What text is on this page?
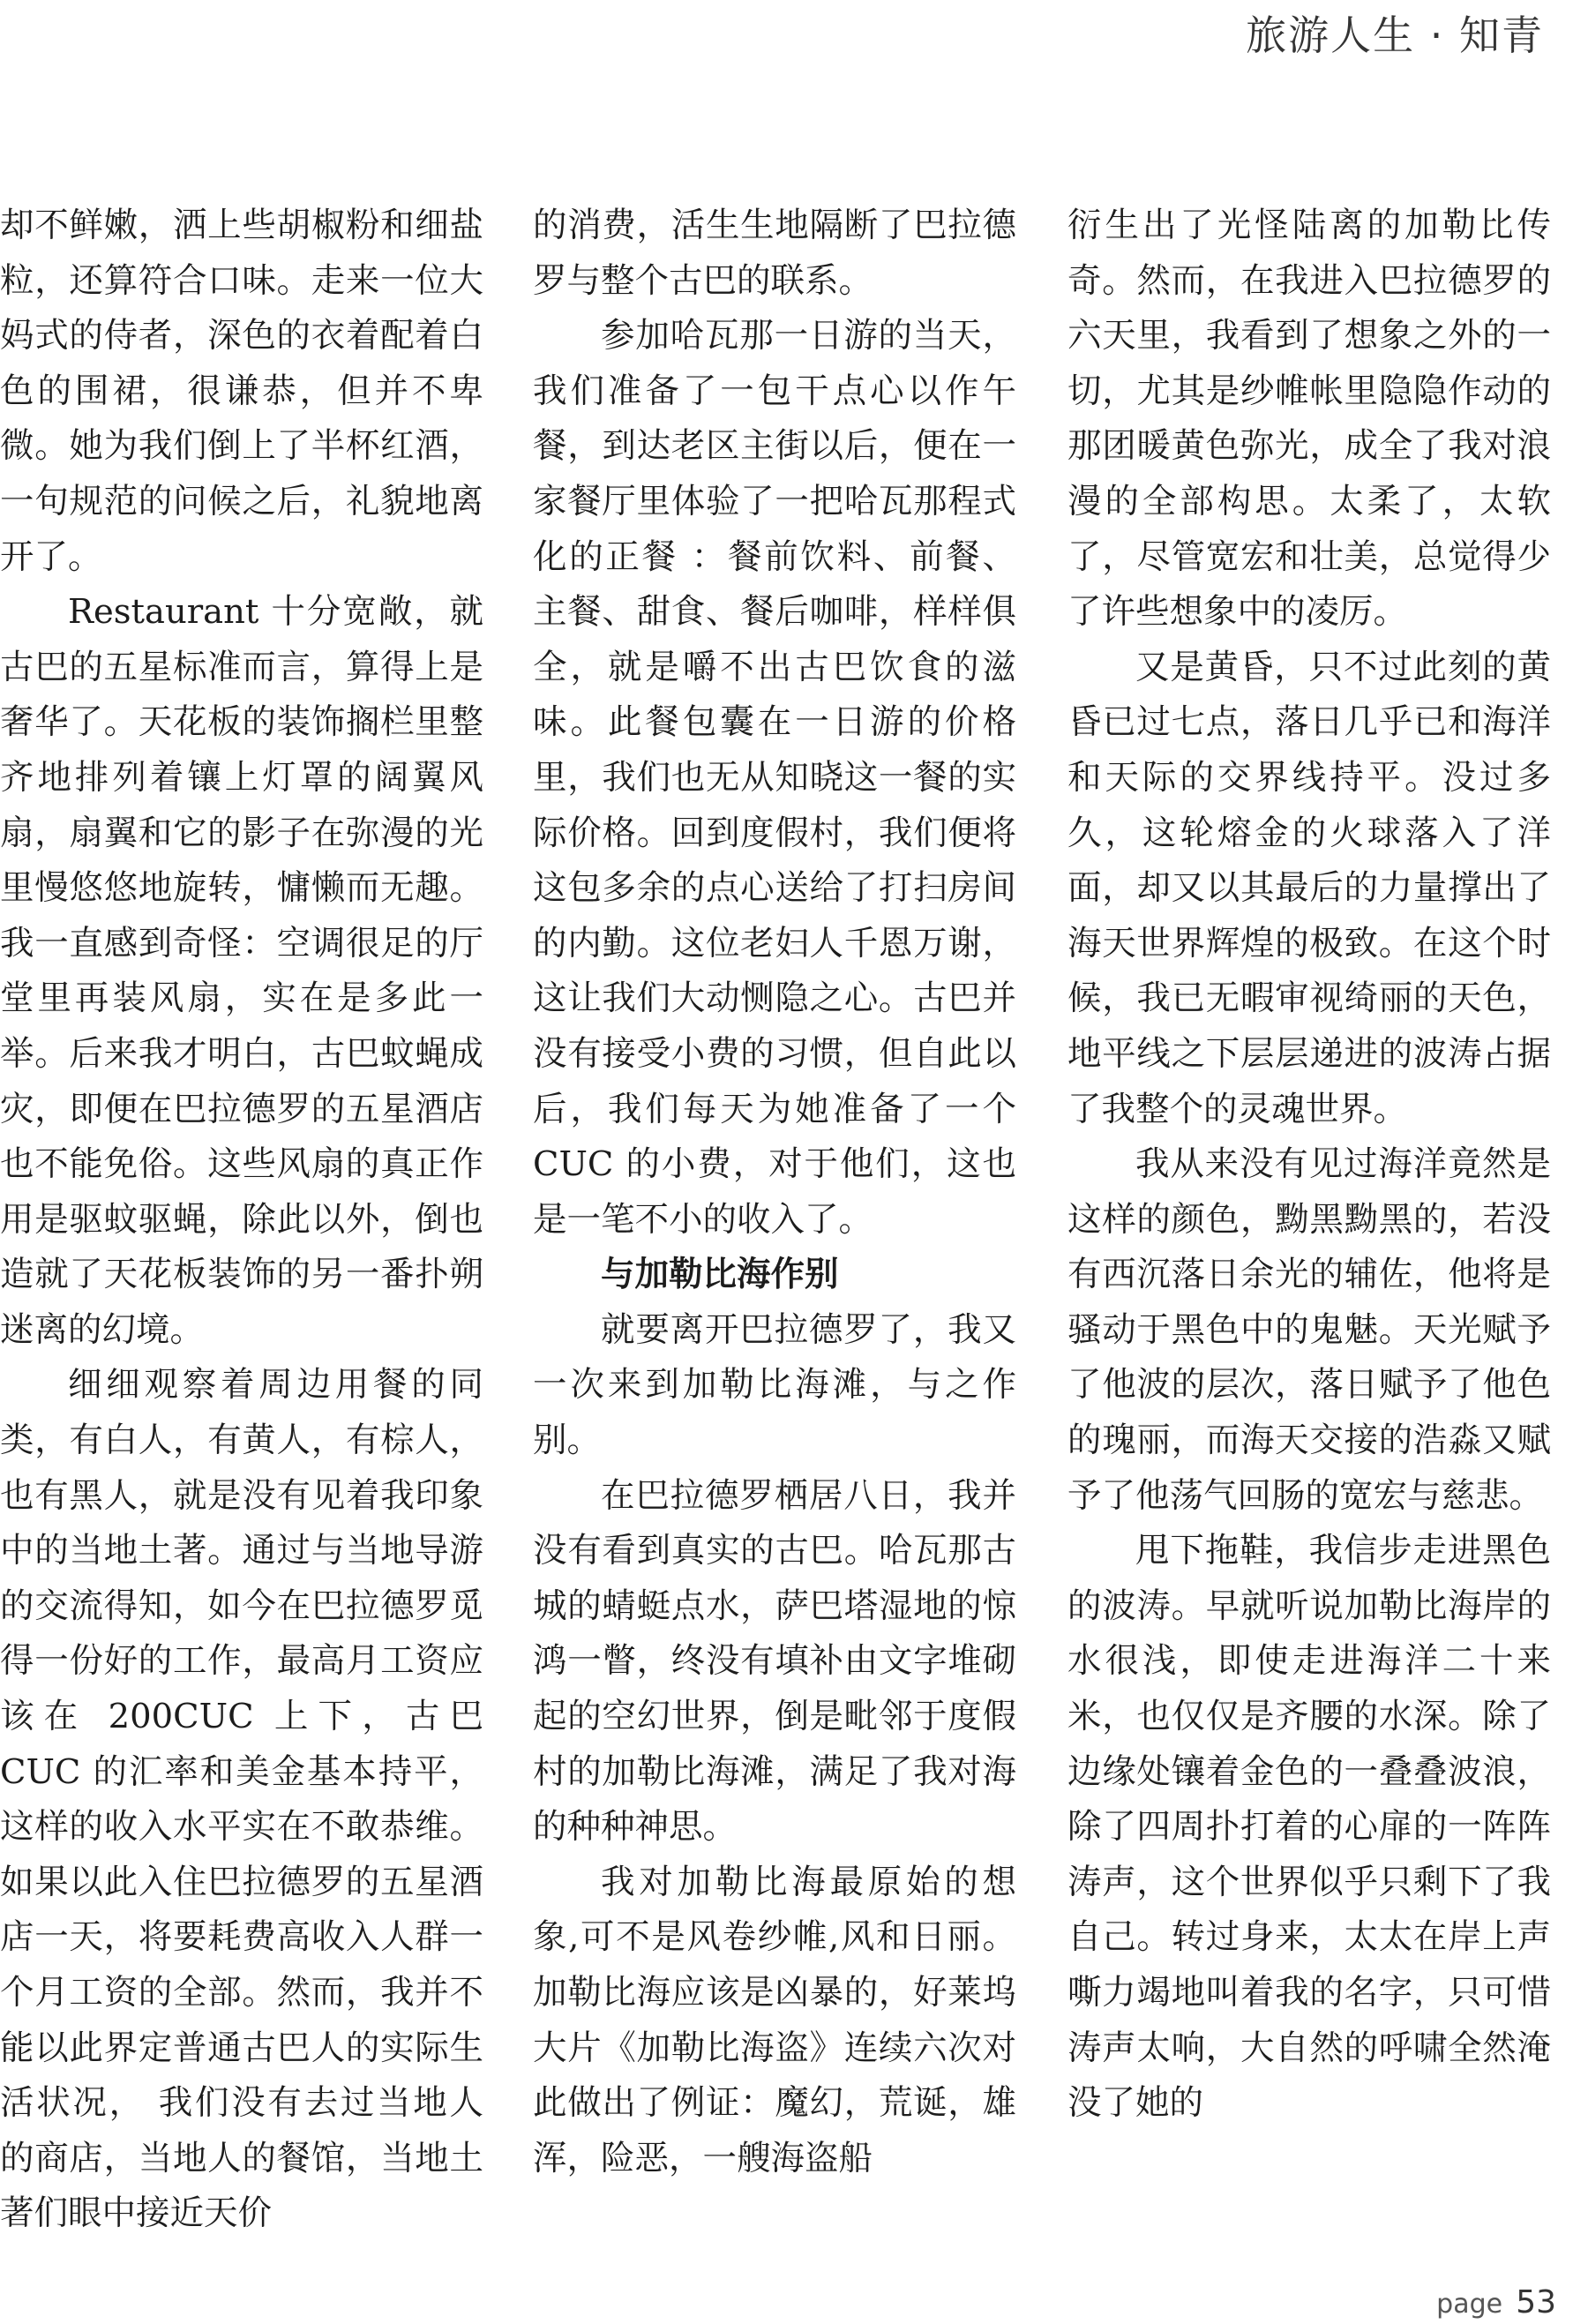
旅游人生 · 知青

却不鲜嫩，洒上些胡椒粉和细盐粒，还算符合口味。走来一位大妈式的侍者，深色的衣着配着白色的围裙，很谦恭，但并不卑微。她为我们倒上了半杯红酒， 一句规范的问候之后，礼貌地离开了。

Restaurant 十分宽敞，就古巴的五星标准而言，算得上是奢华了。天花板的装饰搁栏里整齐地排列着镶上灯罩的阔翼风扇，扇翼和它的影子在弥漫的光里慢悠悠地旋转，慵懒而无趣。我一直感到奇怪：空调很足的厅堂里再装风扇，实在是多此一举。后来我才明白，古巴蚊蝇成灾，即便在巴拉德罗的五星酒店也不能免俗。这些风扇的真正作用是驱蚊驱蝇，除此以外，倒也造就了天花板装饰的另一番扑朔迷离的幻境。

细细观察着周边用餐的同类，有白人，有黄人，有棕人，也有黑人，就是没有见着我印象中的当地土著。通过与当地导游的交流得知，如今在巴拉德罗觅得一份好的工作，最高月工资应该在 200CUC 上下，古巴 CUC 的汇率和美金基本持平，这样的收入水平实在不敢恭维。如果以此入住巴拉德罗的五星酒店一天，将要耗费高收入人群一个月工资的全部。然而，我并不能以此界定普通古巴人的实际生活状况， 我们没有去过当地人的商店，当地人的餐馆，当地土著们眼中接近天价

的消费，活生生地隔断了巴拉德罗与整个古巴的联系。

参加哈瓦那一日游的当天，我们准备了一包干点心以作午餐，到达老区主街以后，便在一家餐厅里体验了一把哈瓦那程式化的正餐 ：餐前饮料、前餐、主餐、甜食、餐后咖啡，样样俱全，就是嚼不出古巴饮食的滋味。此餐包囊在一日游的价格里，我们也无从知晓这一餐的实际价格。回到度假村，我们便将这包多余的点心送给了打扫房间的内勤。这位老妇人千恩万谢，这让我们大动恻隐之心。古巴并没有接受小费的习惯，但自此以后，我们每天为她准备了一个 CUC 的小费，对于他们，这也是一笔不小的收入了。

与加勒比海作别

就要离开巴拉德罗了，我又一次来到加勒比海滩，与之作别。

在巴拉德罗栖居八日，我并没有看到真实的古巴。哈瓦那古城的蜻蜓点水，萨巴塔湿地的惊鸿一瞥，终没有填补由文字堆砌起的空幻世界，倒是毗邻于度假村的加勒比海滩，满足了我对海的种种神思。

我对加勒比海最原始的想象,可不是风卷纱帷,风和日丽。加勒比海应该是凶暴的，好莱坞大片《加勒比海盗》连续六次对此做出了例证：魔幻，荒诞，雄浑，险恶，一艘海盗船

衍生出了光怪陆离的加勒比传奇。然而，在我进入巴拉德罗的六天里，我看到了想象之外的一切，尤其是纱帷帐里隐隐作动的那团暖黄色弥光，成全了我对浪漫的全部构思。太柔了，太软了，尽管宽宏和壮美，总觉得少了许些想象中的凌厉。

又是黄昏，只不过此刻的黄昏已过七点，落日几乎已和海洋和天际的交界线持平。没过多久，这轮熔金的火球落入了洋面，却又以其最后的力量撑出了海天世界辉煌的极致。在这个时候，我已无暇审视绮丽的天色，地平线之下层层递进的波涛占据了我整个的灵魂世界。

我从来没有见过海洋竟然是这样的颜色，黝黑黝黑的，若没有西沉落日余光的辅佐，他将是骚动于黑色中的鬼魅。天光赋予了他波的层次，落日赋予了他色的瑰丽，而海天交接的浩淼又赋予了他荡气回肠的宽宏与慈悲。

甩下拖鞋，我信步走进黑色的波涛。早就听说加勒比海岸的水很浅，即使走进海洋二十来米，也仅仅是齐腰的水深。除了边缘处镶着金色的一叠叠波浪，除了四周扑打着的心扉的一阵阵涛声，这个世界似乎只剩下了我自己。转过身来，太太在岸上声嘶力竭地叫着我的名字，只可惜涛声太响，大自然的呼啸全然淹没了她的

page 53
